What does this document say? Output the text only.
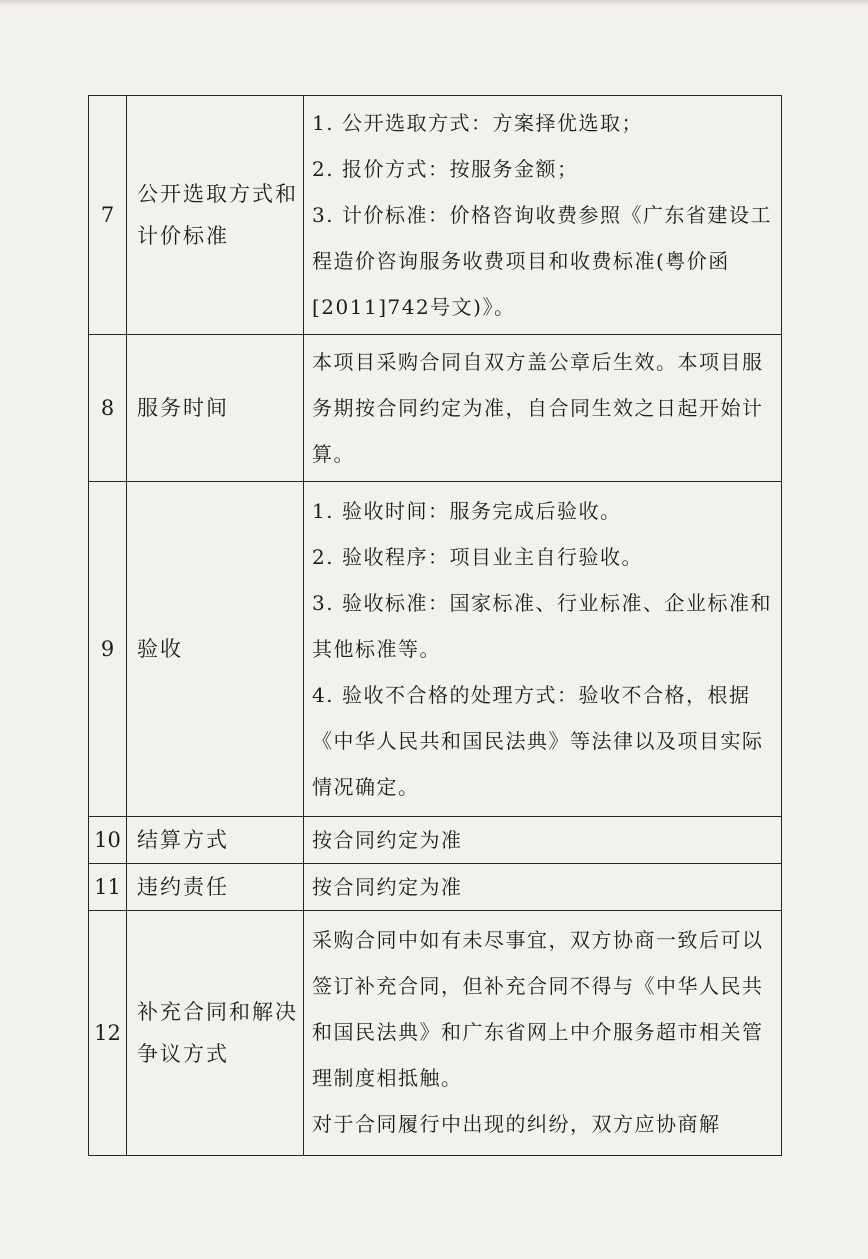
7	公开选取方式和计价标准	1. 公开选取方式：方案择优选取；
2. 报价方式：按服务金额；
3. 计价标准：价格咨询收费参照《广东省建设工程造价咨询服务收费项目和收费标准(粤价函[2011]742号文)》。

8	服务时间	本项目采购合同自双方盖公章后生效。本项目服务期按合同约定为准，自合同生效之日起开始计算。

9	验收	1. 验收时间：服务完成后验收。
2. 验收程序：项目业主自行验收。
3. 验收标准：国家标准、行业标准、企业标准和其他标准等。
4. 验收不合格的处理方式：验收不合格，根据《中华人民共和国民法典》等法律以及项目实际情况确定。

10	结算方式	按合同约定为准

11	违约责任	按合同约定为准

12	补充合同和解决争议方式	采购合同中如有未尽事宜，双方协商一致后可以签订补充合同，但补充合同不得与《中华人民共和国民法典》和广东省网上中介服务超市相关管理制度相抵触。
对于合同履行中出现的纠纷，双方应协商解
